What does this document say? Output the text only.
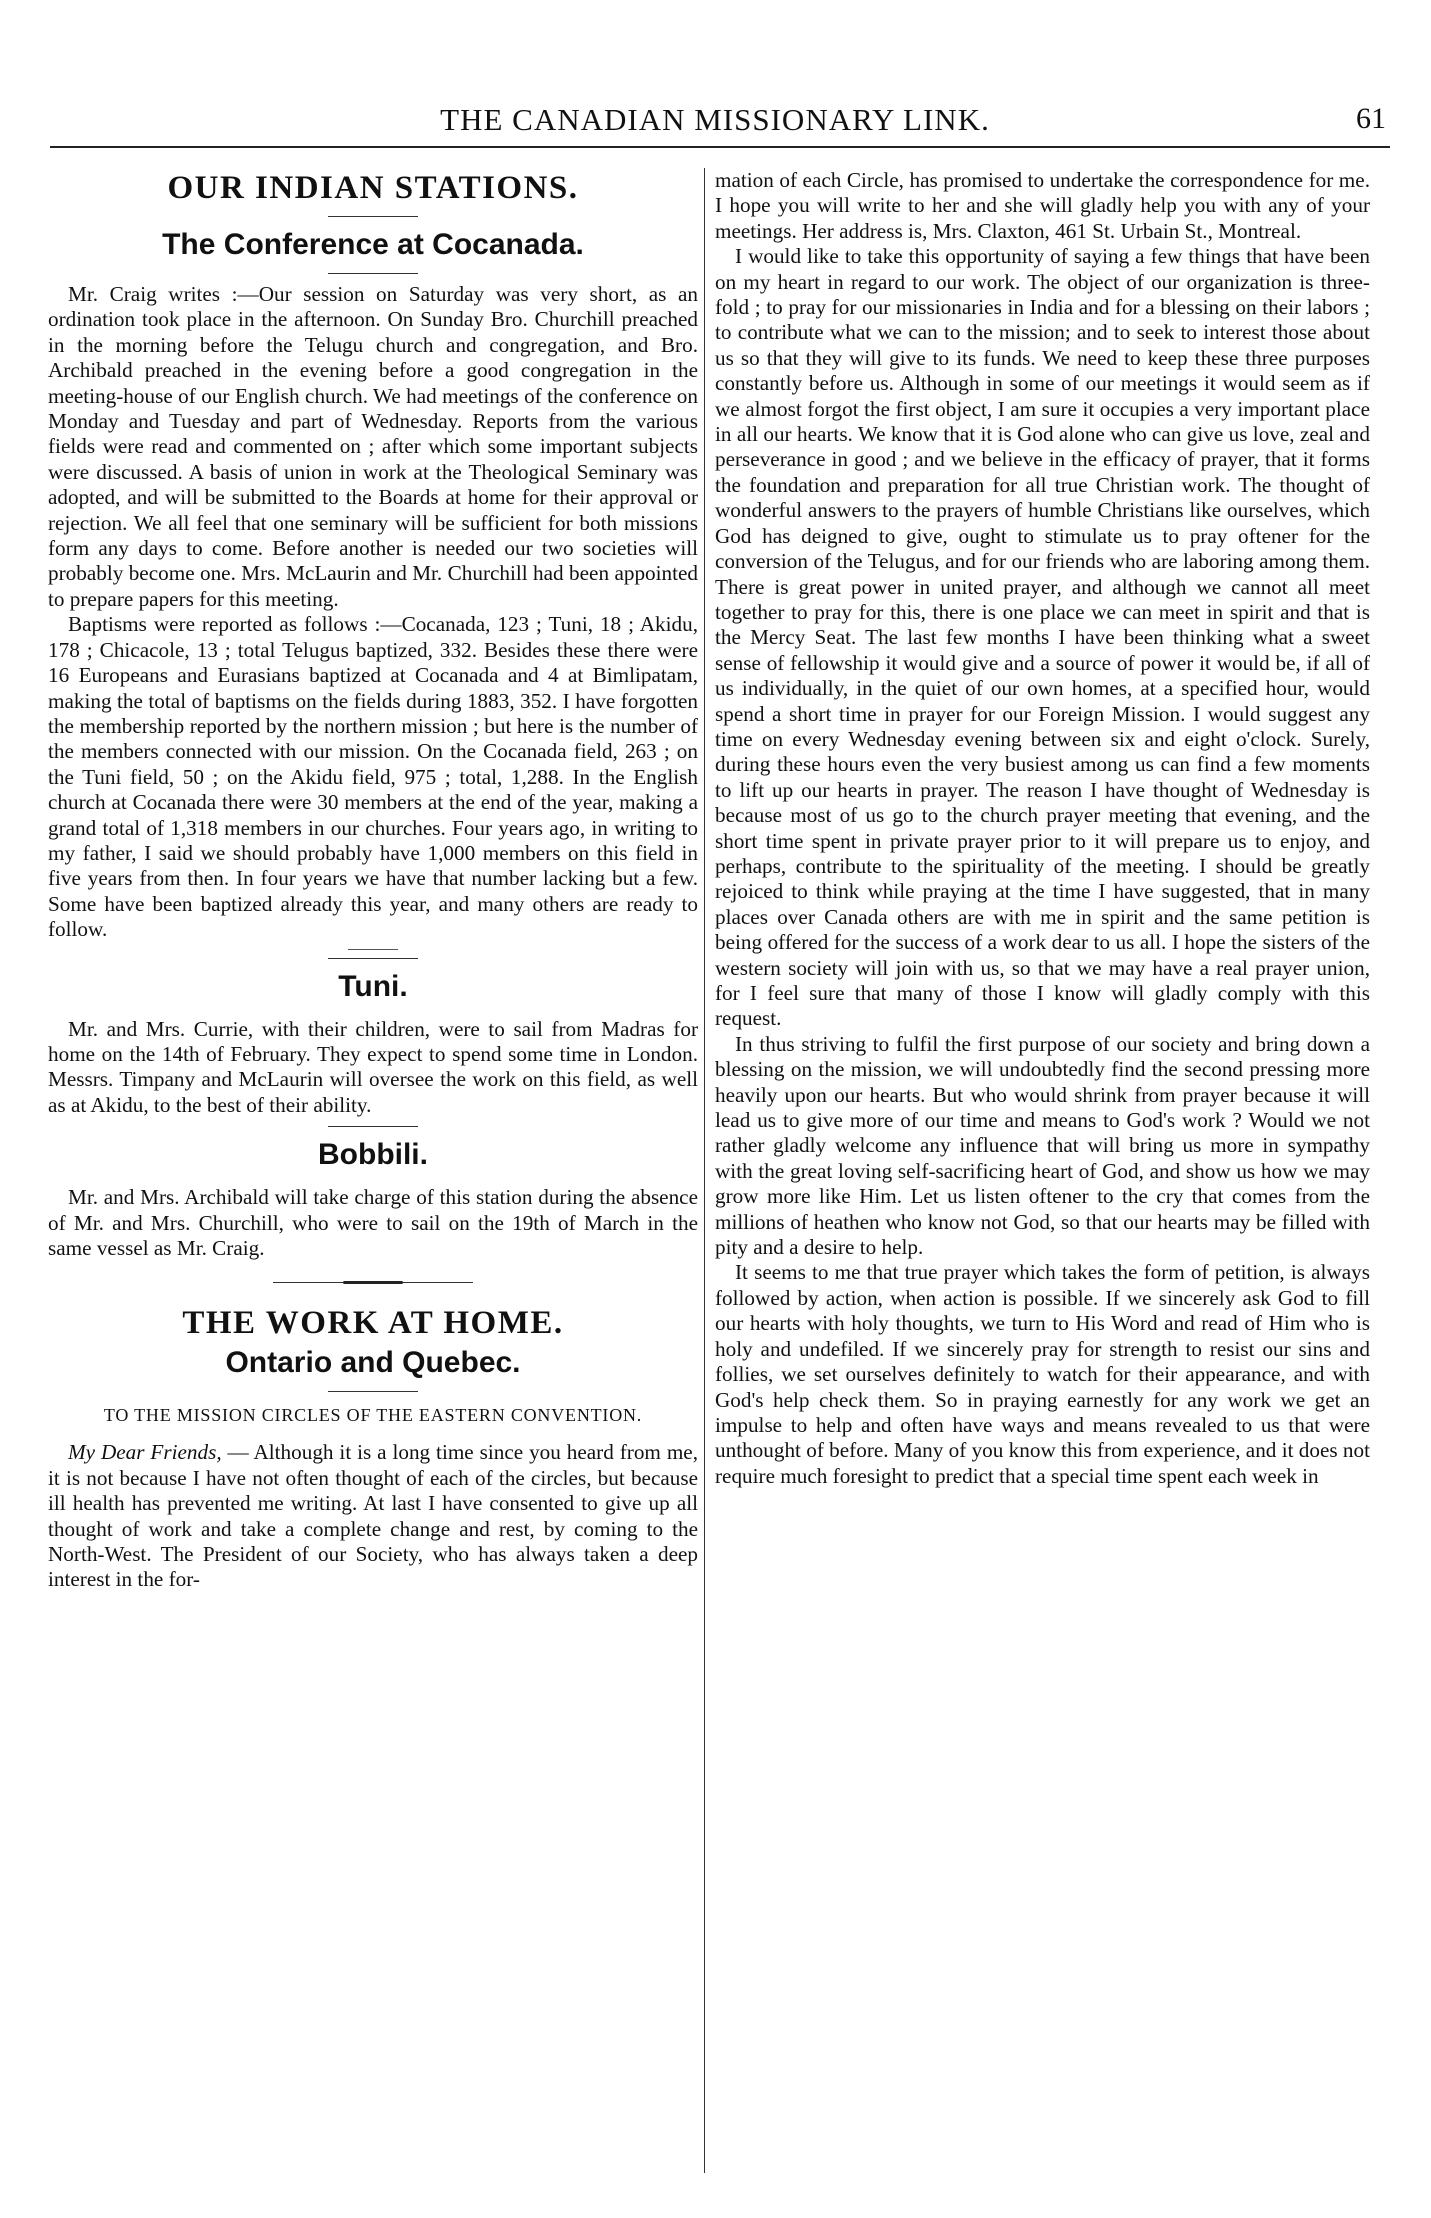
THE CANADIAN MISSIONARY LINK.	61
OUR INDIAN STATIONS.
The Conference at Cocanada.

Mr. Craig writes :—Our session on Saturday was very short, as an ordination took place in the afternoon. On Sunday Bro. Churchill preached in the morning before the Telugu church and congregation, and Bro. Archibald preached in the evening before a good congregation in the meeting-house of our English church. We had meetings of the conference on Monday and Tuesday and part of Wednesday. Reports from the various fields were read and commented on ; after which some important subjects were discussed. A basis of union in work at the Theological Seminary was adopted, and will be submitted to the Boards at home for their approval or rejection. We all feel that one seminary will be sufficient for both missions form any days to come. Before another is needed our two societies will probably become one. Mrs. McLaurin and Mr. Churchill had been appointed to prepare papers for this meeting.

Baptisms were reported as follows :—Cocanada, 123 ; Tuni, 18 ; Akidu, 178 ; Chicacole, 13 ; total Telugus baptized, 332. Besides these there were 16 Europeans and Eurasians baptized at Cocanada and 4 at Bimlipatam, making the total of baptisms on the fields during 1883, 352. I have forgotten the membership reported by the northern mission ; but here is the number of the members connected with our mission. On the Cocanada field, 263 ; on the Tuni field, 50 ; on the Akidu field, 975 ; total, 1,288. In the English church at Cocanada there were 30 members at the end of the year, making a grand total of 1,318 members in our churches. Four years ago, in writing to my father, I said we should probably have 1,000 members on this field in five years from then. In four years we have that number lacking but a few. Some have been baptized already this year, and many others are ready to follow.

Tuni.

Mr. and Mrs. Currie, with their children, were to sail from Madras for home on the 14th of February. They expect to spend some time in London. Messrs. Timpany and McLaurin will oversee the work on this field, as well as at Akidu, to the best of their ability.

Bobbili.

Mr. and Mrs. Archibald will take charge of this station during the absence of Mr. and Mrs. Churchill, who were to sail on the 19th of March in the same vessel as Mr. Craig.

THE WORK AT HOME.
Ontario and Quebec.
TO THE MISSION CIRCLES OF THE EASTERN CONVENTION.

My Dear Friends, — Although it is a long time since you heard from me, it is not because I have not often thought of each of the circles, but because ill health has prevented me writing. At last I have consented to give up all thought of work and take a complete change and rest, by coming to the North-West. The President of our Society, who has always taken a deep interest in the for-

mation of each Circle, has promised to undertake the correspondence for me. I hope you will write to her and she will gladly help you with any of your meetings. Her address is, Mrs. Claxton, 461 St. Urbain St., Montreal.

I would like to take this opportunity of saying a few things that have been on my heart in regard to our work. The object of our organization is three-fold ; to pray for our missionaries in India and for a blessing on their labors ; to contribute what we can to the mission; and to seek to interest those about us so that they will give to its funds. We need to keep these three purposes constantly before us. Although in some of our meetings it would seem as if we almost forgot the first object, I am sure it occupies a very important place in all our hearts. We know that it is God alone who can give us love, zeal and perseverance in good ; and we believe in the efficacy of prayer, that it forms the foundation and preparation for all true Christian work. The thought of wonderful answers to the prayers of humble Christians like ourselves, which God has deigned to give, ought to stimulate us to pray oftener for the conversion of the Telugus, and for our friends who are laboring among them. There is great power in united prayer, and although we cannot all meet together to pray for this, there is one place we can meet in spirit and that is the Mercy Seat. The last few months I have been thinking what a sweet sense of fellowship it would give and a source of power it would be, if all of us individually, in the quiet of our own homes, at a specified hour, would spend a short time in prayer for our Foreign Mission. I would suggest any time on every Wednesday evening between six and eight o'clock. Surely, during these hours even the very busiest among us can find a few moments to lift up our hearts in prayer. The reason I have thought of Wednesday is because most of us go to the church prayer meeting that evening, and the short time spent in private prayer prior to it will prepare us to enjoy, and perhaps, contribute to the spirituality of the meeting. I should be greatly rejoiced to think while praying at the time I have suggested, that in many places over Canada others are with me in spirit and the same petition is being offered for the success of a work dear to us all. I hope the sisters of the western society will join with us, so that we may have a real prayer union, for I feel sure that many of those I know will gladly comply with this request.

In thus striving to fulfil the first purpose of our society and bring down a blessing on the mission, we will undoubtedly find the second pressing more heavily upon our hearts. But who would shrink from prayer because it will lead us to give more of our time and means to God's work ? Would we not rather gladly welcome any influence that will bring us more in sympathy with the great loving self-sacrificing heart of God, and show us how we may grow more like Him. Let us listen oftener to the cry that comes from the millions of heathen who know not God, so that our hearts may be filled with pity and a desire to help.

It seems to me that true prayer which takes the form of petition, is always followed by action, when action is possible. If we sincerely ask God to fill our hearts with holy thoughts, we turn to His Word and read of Him who is holy and undefiled. If we sincerely pray for strength to resist our sins and follies, we set ourselves definitely to watch for their appearance, and with God's help check them. So in praying earnestly for any work we get an impulse to help and often have ways and means revealed to us that were unthought of before. Many of you know this from experience, and it does not require much foresight to predict that a special time spent each week in
